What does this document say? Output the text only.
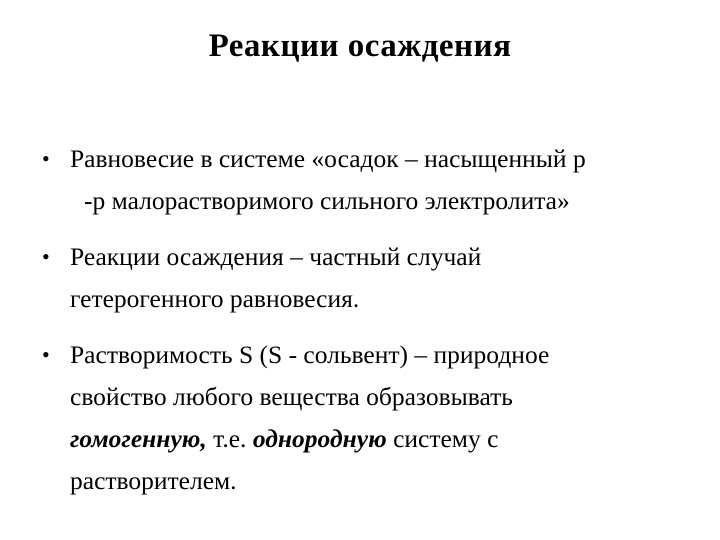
Реакции осаждения
• Равновесие в системе «осадок – насыщенный р
-р малорастворимого сильного электролита»
• Реакции осаждения – частный случай
гетерогенного равновесия.
• Растворимость S (S - сольвент) – природное
свойство любого вещества образовывать
гомогенную, т.е. однородную систему с
растворителем.
